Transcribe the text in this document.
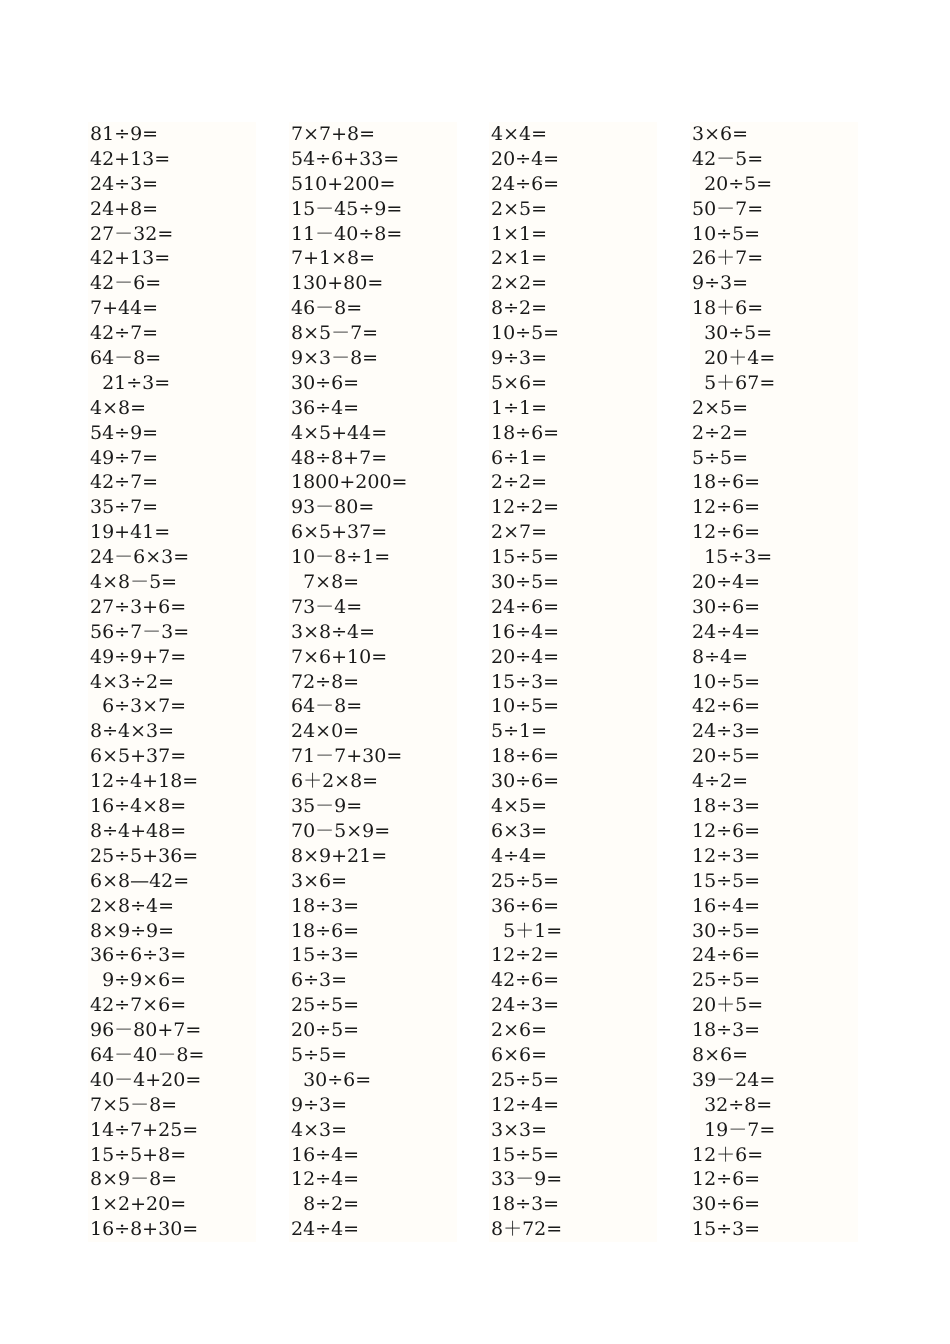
81÷9=
42+13=
24÷3=
24+8=
27－32=
42+13=
42－6=
7+44=
42÷7=
64－8=
21÷3=
4×8=
54÷9=
49÷7=
42÷7=
35÷7=
19+41=
24－6×3=
4×8－5=
27÷3+6=
56÷7－3=
49÷9+7=
4×3÷2=
6÷3×7=
8÷4×3=
6×5+37=
12÷4+18=
16÷4×8=
8÷4+48=
25÷5+36=
6×8—42=
2×8÷4=
8×9÷9=
36÷6÷3=
9÷9×6=
42÷7×6=
96－80+7=
64－40－8=
40－4+20=
7×5－8=
14÷7+25=
15÷5+8=
8×9－8=
1×2+20=
16÷8+30=
7×7+8=
54÷6+33=
510+200=
15－45÷9=
11－40÷8=
7+1×8=
130+80=
46－8=
8×5－7=
9×3－8=
30÷6=
36÷4=
4×5+44=
48÷8+7=
1800+200=
93－80=
6×5+37=
10－8÷1=
7×8=
73－4=
3×8÷4=
7×6+10=
72÷8=
64－8=
24×0=
71－7+30=
6＋2×8=
35－9=
70－5×9=
8×9+21=
3×6=
18÷3=
18÷6=
15÷3=
6÷3=
25÷5=
20÷5=
5÷5=
30÷6=
9÷3=
4×3=
16÷4=
12÷4=
8÷2=
24÷4=
4×4=
20÷4=
24÷6=
2×5=
1×1=
2×1=
2×2=
8÷2=
10÷5=
9÷3=
5×6=
1÷1=
18÷6=
6÷1=
2÷2=
12÷2=
2×7=
15÷5=
30÷5=
24÷6=
16÷4=
20÷4=
15÷3=
10÷5=
5÷1=
18÷6=
30÷6=
4×5=
6×3=
4÷4=
25÷5=
36÷6=
5＋1=
12÷2=
42÷6=
24÷3=
2×6=
6×6=
25÷5=
12÷4=
3×3=
15÷5=
33－9=
18÷3=
8＋72=
3×6=
42－5=
20÷5=
50－7=
10÷5=
26＋7=
9÷3=
18＋6=
30÷5=
20＋4=
5＋67=
2×5=
2÷2=
5÷5=
18÷6=
12÷6=
12÷6=
15÷3=
20÷4=
30÷6=
24÷4=
8÷4=
10÷5=
42÷6=
24÷3=
20÷5=
4÷2=
18÷3=
12÷6=
12÷3=
15÷5=
16÷4=
30÷5=
24÷6=
25÷5=
20＋5=
18÷3=
8×6=
39－24=
32÷8=
19－7=
12＋6=
12÷6=
30÷6=
15÷3=
